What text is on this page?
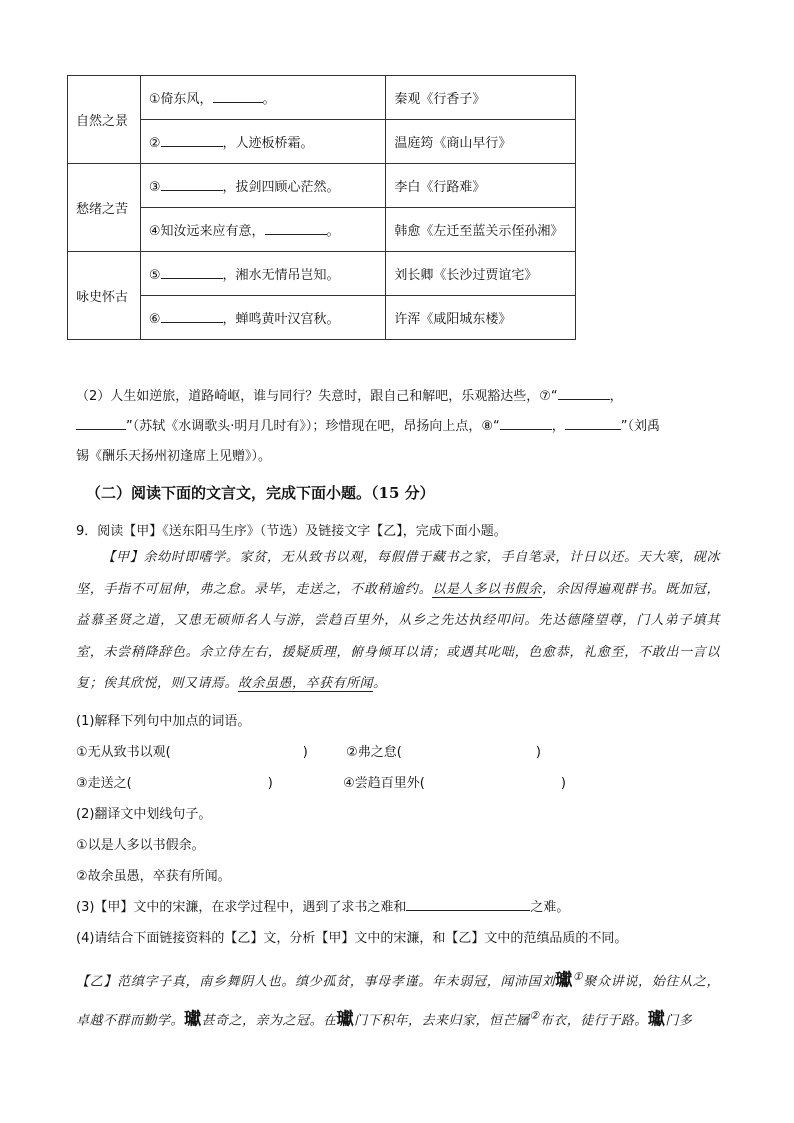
自然之景	①倚东风， 。	秦观《行香子》
	② ，人迹板桥霜。	温庭筠《商山早行》
愁绪之苦	③ ，拔剑四顾心茫然。	李白《行路难》
	④知汝远来应有意， 。	韩愈《左迁至蓝关示侄孙湘》
咏史怀古	⑤ ，湘水无情吊岂知。	刘长卿《长沙过贾谊宅》
	⑥ ，蝉鸣黄叶汉宫秋。	许浑《咸阳城东楼》
（2）人生如逆旅，道路崎岖，谁与同行？失意时，跟自己和解吧，乐观豁达些，⑦“	，
”（苏轼《水调歌头·明月几时有》）；珍惜现在吧，昂扬向上点，⑧“	，	”（刘禹
锡《酬乐天扬州初逢席上见赠》）。
（二）阅读下面的文言文，完成下面小题。（15 分）
9．阅读【甲】《送东阳马生序》（节选）及链接文字【乙】，完成下面小题。
【甲】余幼时即嗜学。家贫，无从致书以观，每假借于藏书之家，手自笔录，计日以还。天大寒，砚冰坚，手指不可屈伸，弗之怠。录毕，走送之，不敢稍逾约。以是人多以书假余，余因得遍观群书。既加冠，益慕圣贤之道，又患无硕师名人与游，尝趋百里外，从乡之先达执经叩问。先达德隆望尊，门人弟子填其室，未尝稍降辞色。余立侍左右，援疑质理，俯身倾耳以请；或遇其叱咄，色愈恭，礼愈至，不敢出一言以复；俟其欣悦，则又请焉。故余虽愚，卒获有所闻。
(1)解释下列句中加点的词语。
①无从致书以观(	)	②弗之怠(	)
③走送之(	)	④尝趋百里外(	)
(2)翻译文中划线句子。
①以是人多以书假余。
②故余虽愚，卒获有所闻。
(3)【甲】文中的宋濂，在求学过程中，遇到了求书之难和	之难。
(4)请结合下面链接资料的【乙】文，分析【甲】文中的宋濂，和【乙】文中的范缜品质的不同。
【乙】范缜字子真，南乡舞阴人也。缜少孤贫，事母孝谨。年未弱冠，闻沛国刘瓛①聚众讲说，始往从之，卓越不群而勤学。瓛甚奇之，亲为之冠。在瓛门下积年，去来归家，恒芒屩②布衣，徒行于路。瓛门多
